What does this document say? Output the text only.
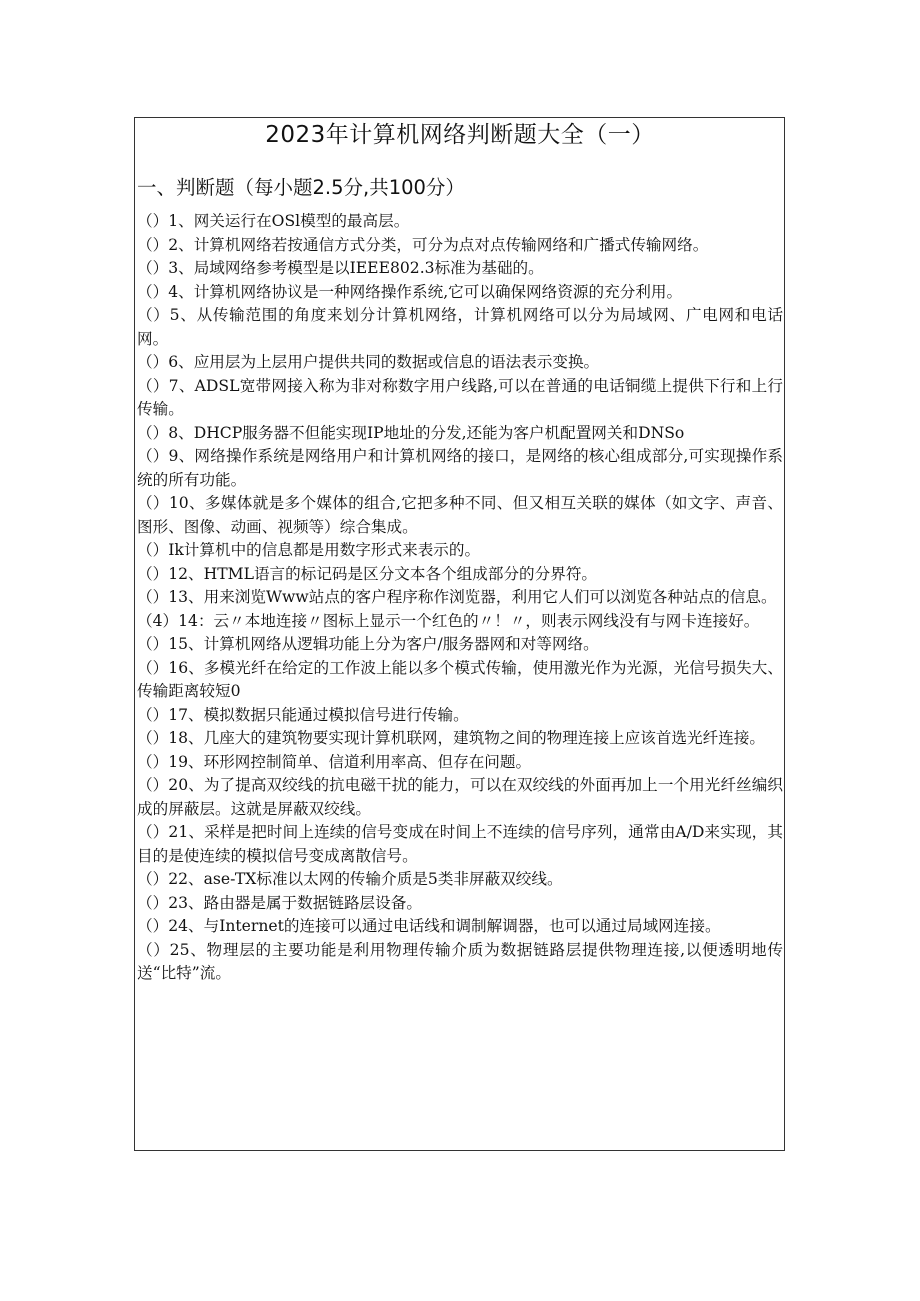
2023年计算机网络判断题大全（一）
一、判断题（每小题2.5分,共100分）
（）1、网关运行在OSl模型的最高层。
（）2、计算机网络若按通信方式分类，可分为点对点传输网络和广播式传输网络。
（）3、局域网络参考模型是以IEEE802.3标准为基础的。
（）4、计算机网络协议是一种网络操作系统,它可以确保网络资源的充分利用。
（）5、从传输范围的角度来划分计算机网络，计算机网络可以分为局域网、广电网和电话网。
（）6、应用层为上层用户提供共同的数据或信息的语法表示变换。
（）7、ADSL宽带网接入称为非对称数字用户线路,可以在普通的电话铜缆上提供下行和上行传输。
（）8、DHCP服务器不但能实现IP地址的分发,还能为客户机配置网关和DNSo
（）9、网络操作系统是网络用户和计算机网络的接口，是网络的核心组成部分,可实现操作系统的所有功能。
（）10、多媒体就是多个媒体的组合,它把多种不同、但又相互关联的媒体（如文字、声音、图形、图像、动画、视频等）综合集成。
（）Ik计算机中的信息都是用数字形式来表示的。
（）12、HTML语言的标记码是区分文本各个组成部分的分界符。
（）13、用来浏览Www站点的客户程序称作浏览器，利用它人们可以浏览各种站点的信息。
（4）14：云〃本地连接〃图标上显示一个红色的〃！〃，则表示网线没有与网卡连接好。
（）15、计算机网络从逻辑功能上分为客户/服务器网和对等网络。
（）16、多模光纤在给定的工作波上能以多个模式传输，使用激光作为光源，光信号损失大、传输距离较短0
（）17、模拟数据只能通过模拟信号进行传输。
（）18、几座大的建筑物要实现计算机联网，建筑物之间的物理连接上应该首选光纤连接。
（）19、环形网控制简单、信道利用率高、但存在问题。
（）20、为了提高双绞线的抗电磁干扰的能力，可以在双绞线的外面再加上一个用光纤丝编织成的屏蔽层。这就是屏蔽双绞线。
（）21、采样是把时间上连续的信号变成在时间上不连续的信号序列，通常由A/D来实现，其目的是使连续的模拟信号变成离散信号。
（）22、ase-TX标准以太网的传输介质是5类非屏蔽双绞线。
（）23、路由器是属于数据链路层设备。
（）24、与Internet的连接可以通过电话线和调制解调器，也可以通过局域网连接。
（）25、物理层的主要功能是利用物理传输介质为数据链路层提供物理连接,以便透明地传送“比特”流。
